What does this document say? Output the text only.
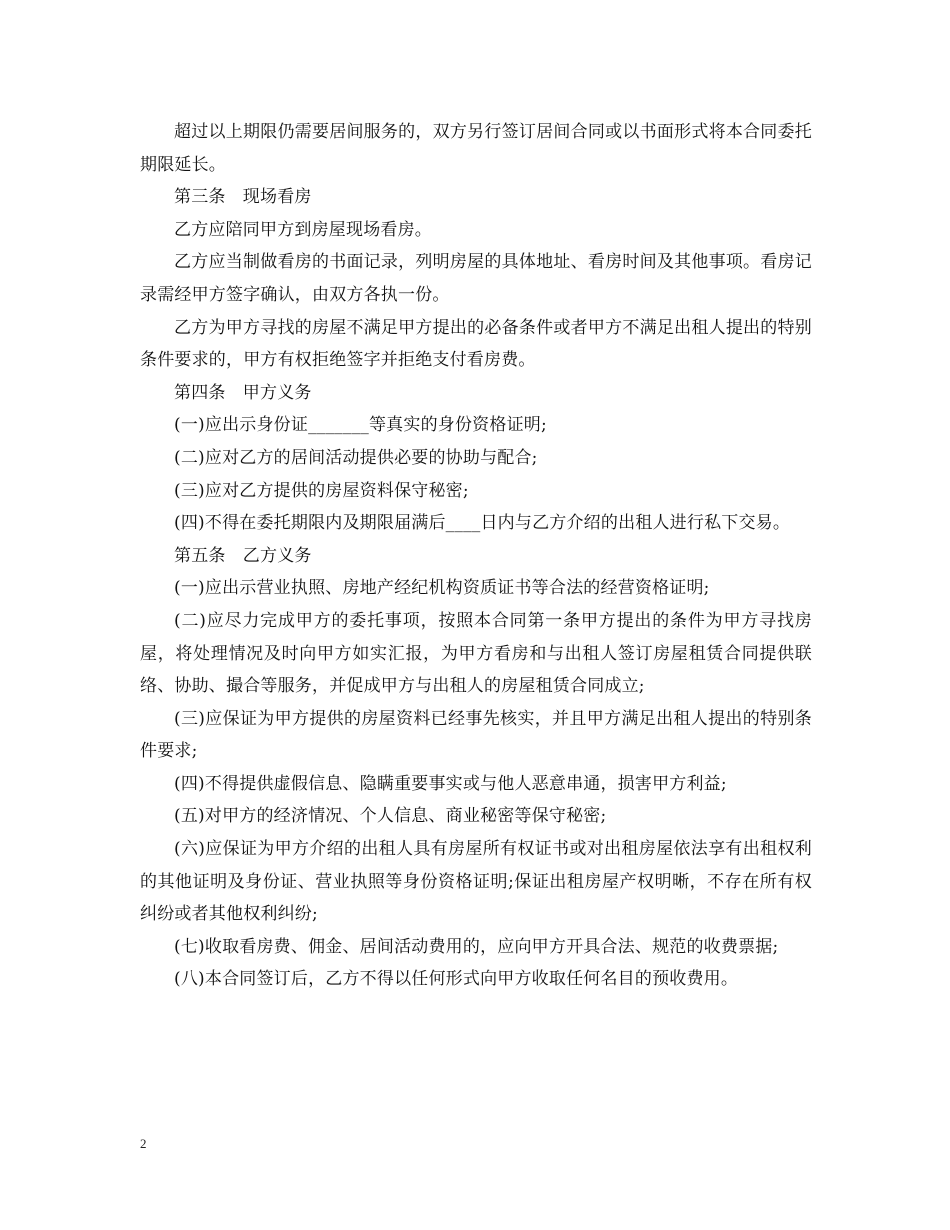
超过以上期限仍需要居间服务的，双方另行签订居间合同或以书面形式将本合同委托期限延长。

第三条　现场看房

乙方应陪同甲方到房屋现场看房。

乙方应当制做看房的书面记录，列明房屋的具体地址、看房时间及其他事项。看房记录需经甲方签字确认，由双方各执一份。

乙方为甲方寻找的房屋不满足甲方提出的必备条件或者甲方不满足出租人提出的特别条件要求的，甲方有权拒绝签字并拒绝支付看房费。

第四条　甲方义务

(一)应出示身份证_______等真实的身份资格证明;

(二)应对乙方的居间活动提供必要的协助与配合;

(三)应对乙方提供的房屋资料保守秘密;

(四)不得在委托期限内及期限届满后____日内与乙方介绍的出租人进行私下交易。

第五条　乙方义务

(一)应出示营业执照、房地产经纪机构资质证书等合法的经营资格证明;

(二)应尽力完成甲方的委托事项，按照本合同第一条甲方提出的条件为甲方寻找房屋，将处理情况及时向甲方如实汇报，为甲方看房和与出租人签订房屋租赁合同提供联络、协助、撮合等服务，并促成甲方与出租人的房屋租赁合同成立;

(三)应保证为甲方提供的房屋资料已经事先核实，并且甲方满足出租人提出的特别条件要求;

(四)不得提供虚假信息、隐瞒重要事实或与他人恶意串通，损害甲方利益;

(五)对甲方的经济情况、个人信息、商业秘密等保守秘密;

(六)应保证为甲方介绍的出租人具有房屋所有权证书或对出租房屋依法享有出租权利的其他证明及身份证、营业执照等身份资格证明;保证出租房屋产权明晰，不存在所有权纠纷或者其他权利纠纷;

(七)收取看房费、佣金、居间活动费用的，应向甲方开具合法、规范的收费票据;

(八)本合同签订后，乙方不得以任何形式向甲方收取任何名目的预收费用。

2
